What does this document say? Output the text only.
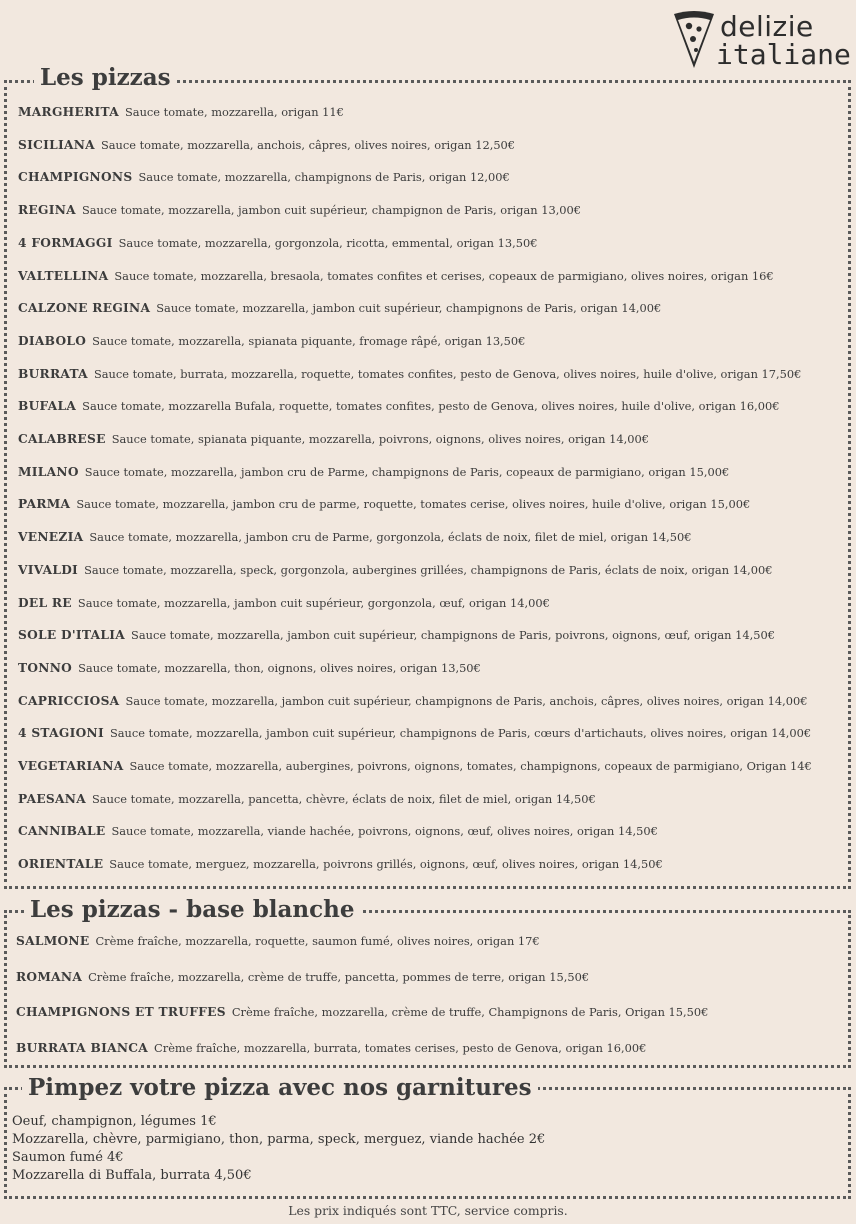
delizie
italiane
Les pizzas
MARGHERITA Sauce tomate, mozzarella, origan 11€
SICILIANA Sauce tomate, mozzarella, anchois, câpres, olives noires, origan 12,50€
CHAMPIGNONS Sauce tomate, mozzarella, champignons de Paris, origan 12,00€
REGINA Sauce tomate, mozzarella, jambon cuit supérieur, champignon de Paris, origan 13,00€
4 FORMAGGI Sauce tomate, mozzarella, gorgonzola, ricotta, emmental, origan 13,50€
VALTELLINA Sauce tomate, mozzarella, bresaola, tomates confites et cerises, copeaux de parmigiano, olives noires, origan 16€
CALZONE REGINA Sauce tomate, mozzarella, jambon cuit supérieur, champignons de Paris, origan 14,00€
DIABOLO Sauce tomate, mozzarella, spianata piquante, fromage râpé, origan 13,50€
BURRATA Sauce tomate, burrata, mozzarella, roquette, tomates confites, pesto de Genova, olives noires, huile d'olive, origan 17,50€
BUFALA Sauce tomate, mozzarella Bufala, roquette, tomates confites, pesto de Genova, olives noires, huile d'olive, origan 16,00€
CALABRESE Sauce tomate, spianata piquante, mozzarella, poivrons, oignons, olives noires, origan 14,00€
MILANO Sauce tomate, mozzarella, jambon cru de Parme, champignons de Paris, copeaux de parmigiano, origan 15,00€
PARMA Sauce tomate, mozzarella, jambon cru de parme, roquette, tomates cerise, olives noires, huile d'olive, origan 15,00€
VENEZIA Sauce tomate, mozzarella, jambon cru de Parme, gorgonzola, éclats de noix, filet de miel, origan 14,50€
VIVALDI Sauce tomate, mozzarella, speck, gorgonzola, aubergines grillées, champignons de Paris, éclats de noix, origan 14,00€
DEL RE Sauce tomate, mozzarella, jambon cuit supérieur, gorgonzola, œuf, origan 14,00€
SOLE D'ITALIA Sauce tomate, mozzarella, jambon cuit supérieur, champignons de Paris, poivrons, oignons, œuf, origan 14,50€
TONNO Sauce tomate, mozzarella, thon, oignons, olives noires, origan 13,50€
CAPRICCIOSA Sauce tomate, mozzarella, jambon cuit supérieur, champignons de Paris, anchois, câpres, olives noires, origan 14,00€
4 STAGIONI Sauce tomate, mozzarella, jambon cuit supérieur, champignons de Paris, cœurs d'artichauts, olives noires, origan 14,00€
VEGETARIANA Sauce tomate, mozzarella, aubergines, poivrons, oignons, tomates, champignons, copeaux de parmigiano, Origan 14€
PAESANA Sauce tomate, mozzarella, pancetta, chèvre, éclats de noix, filet de miel, origan 14,50€
CANNIBALE Sauce tomate, mozzarella, viande hachée, poivrons, oignons, œuf, olives noires, origan 14,50€
ORIENTALE Sauce tomate, merguez, mozzarella, poivrons grillés, oignons, œuf, olives noires, origan 14,50€
Les pizzas - base blanche
SALMONE Crème fraîche, mozzarella, roquette, saumon fumé, olives noires, origan 17€
ROMANA Crème fraîche, mozzarella, crème de truffe, pancetta, pommes de terre, origan 15,50€
CHAMPIGNONS ET TRUFFES Crème fraîche, mozzarella, crème de truffe, Champignons de Paris, Origan 15,50€
BURRATA BIANCA Crème fraîche, mozzarella, burrata, tomates cerises, pesto de Genova, origan 16,00€
Pimpez votre pizza avec nos garnitures
Oeuf, champignon, légumes 1€
Mozzarella, chèvre, parmigiano, thon, parma, speck, merguez, viande hachée 2€
Saumon fumé 4€
Mozzarella di Buffala, burrata 4,50€
Les prix indiqués sont TTC, service compris.
